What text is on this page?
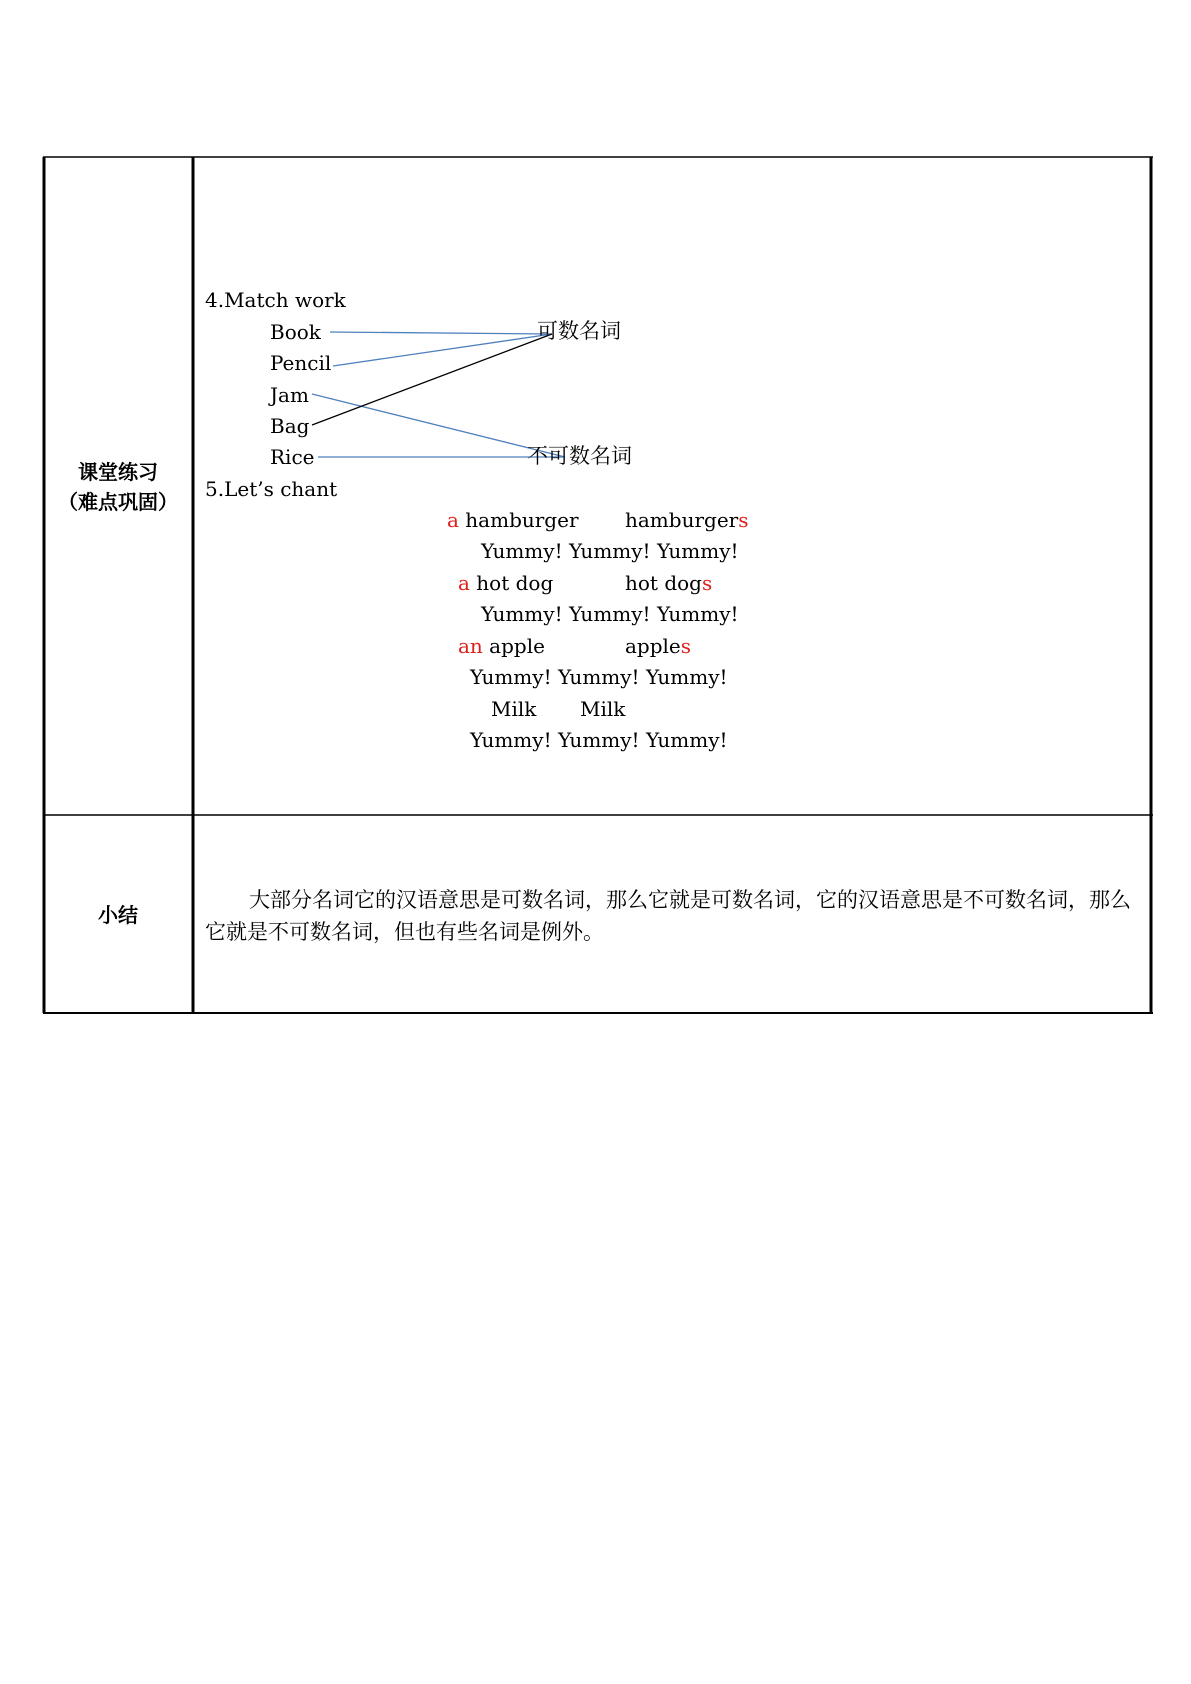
课堂练习
（难点巩固）
小结
4.Match work
Book
Pencil
Jam
Bag
Rice
可数名词
不可数名词
5.Let’s chant
a hamburger hamburgers
Yummy! Yummy! Yummy!
a hot dog	hot dogs
Yummy! Yummy! Yummy!
an apple	apples
Yummy! Yummy! Yummy!
Milk Milk
Yummy! Yummy! Yummy!
大部分名词它的汉语意思是可数名词，那么它就是可数名词，它的汉语意思是不可数名词，那么它就是不可数名词，但也有些名词是例外。
